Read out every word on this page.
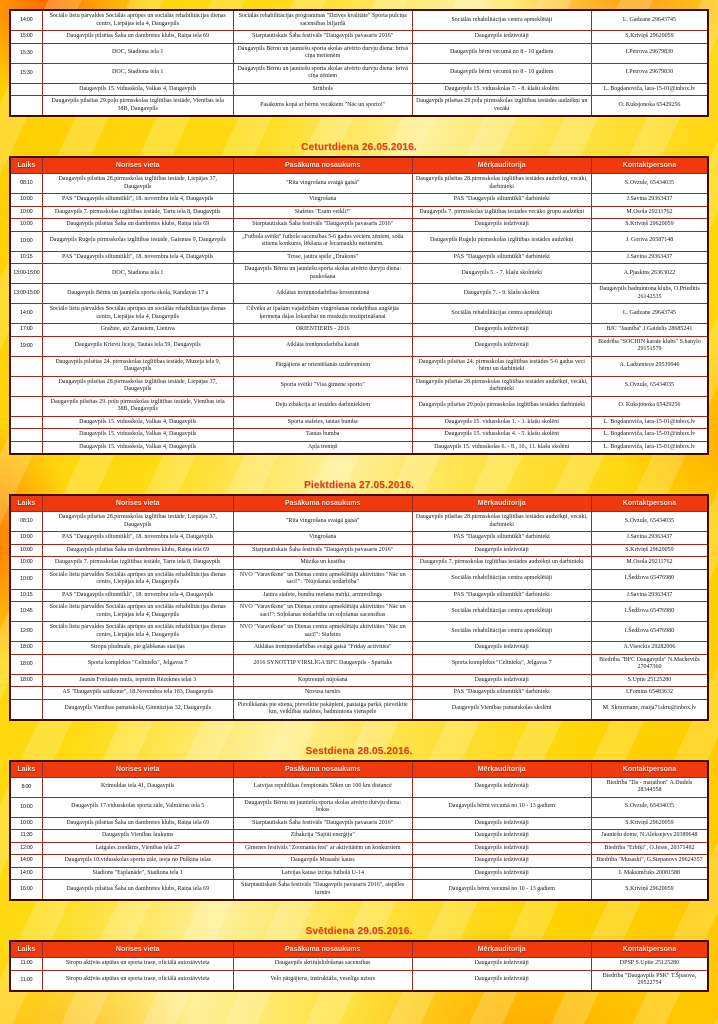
14:00	Sociālo lietu pārvaldes Sociālās aprūpes un sociālās rehabilitācijas dienas centrs, Liepājas iela 4, Daugavpils	Sociālās rehabilitācijas programmas "Dzīves kvalitāte" Sporta pulciņa sacensības biljardā	Sociālās rehabilitācijas centra apmeklētāji	L. Gadzane 29643745
15:00	Daugavpils pilsētas Šaha un dambretes klubs, Raiņa iela 69	Starptautiskais Šaha festivāls "Daugavpils pavasaris 2016"	Daugavpils iedzīvotāji	S.Kriviņš 29620059
15:30	DOC, Stadiona iela 1	Daugavpils Bērnu un jauniešu sporta skolas atvērto durvju diena: brīvā cīņa meitenēm	Daugavpils bērni vecumā no 8 - 10 gadiem	I.Petrova 29679830
15:30	DOC, Stadiona iela 1	Daugavpils Bērnu un jauniešu sporta skolas atvērto durvju diena: brīvā cīņa zēniem	Daugavpils bērni vecumā no 8 - 10 gadiem	I.Petrova 29679830
	Daugavpils 15. vidusskola, Valkas 4, Daugavpils	Strītbols	Daugavpils 15. vidusskolas 7. - 8. klašu skolēni	L. Bogdanoviča, lara-15-01@inbox.lv
	Daugavpils pilsētas 29.poļu pirmsskolas izglītības iestāde, Vienības iela 38B, Daugavpils	Pasākums kopā ar bērnu vecākiem "Nāc un sporto!"	Daugavpils pilsētas 29.poļu pirmsskolas izglītības iestādes audzēkņi un vecāki	O. Kuksjonoka 65429256
Ceturtdiena 26.05.2016.
Laiks	Norises vieta	Pasākuma nosaukums	Mērķauditorija	Kontaktpersona
08:10	Daugavpils pilsētas 28.pirmsskolas izglītības iestāde, Liepājas 37, Daugavpils	"Rīta vingrošana svaigā gaisā"	Daugavpils pilsētas 28.pirmsskolas izglītības iestādes audzēkņi, vecāki, darbinieki	S.Ovzule, 65434035
10:00	PAS "Daugavpils siltumtīkli", 18. novembra iela 4, Daugavpils	Vingrošana	PAS "Daugavpils siltumtīkli" darbinieki	J.Savina 29363437
10:00	Daugavpils 7. pirmsskolas izglītības iestāde, Tartu iela 8, Daugavpils	Stafetes "Esam veikli!"	Daugavpils 7. pirmsskolas izglītības iestādes vecāko grupu audzēkņi	M.Osola 29211762
10:00	Daugavpils pilsētas Šaha un dambretes klubs, Raiņa iela 69	Starptautiskais Šaha festivāls "Daugavpils pavasaris 2016"	Daugavpils iedzīvotāji	S.Kriviņš 29620059
10:00	Daugavpils Ruģeļu pirmsskolas izglītības iestāde, Gaismas 9, Daugavpils	„Futbola svētki" futbola sacensības 5-6 gadus veciem zēniem, soda sitienu konkurss, lēkšana ar lecamauklu meitenēm.	Daugavpils Ruģeļu pirmsskolas izglītības iestādes audzēkņi	J. Goriva 26587148
10:15	PAS "Daugavpils siltumtīkli", 18. novembra iela 4, Daugavpils	Trose, jautra spēle „Drakons"	PAS "Daugavpils siltumtīkli" darbinieki	J.Savina 29363437
13:00-15:00	DOC, Stadiona iela 1	Daugavpils Bērnu un jauniešu sporta skolas atvērto durvju diena: paukošana	Daugavpils 5. - 7. klašu skolnieki	A.Pjaskins 26363022
13:00-15:00	Daugavpils Bērnu un jauniešu sporta skola, Kandavas 17 a	Atklātas treniņnodarbības krosmintonā	Daugavpils 7. - 9. klašu skolēni	Daugavpils badmintona klubs, O.Priedītis 26142535
14:00	Sociālo lietu pārvaldes Sociālās aprūpes un sociālās rehabilitācijas dienas centrs, Liepājas iela 4, Daugavpils	Cilvēku ar īpašām vajadzībām vingrošanas nodarbības augšējās ķermeņa daļas lokanībai un muskuļu nostiprināšanai	Sociālās rehabilitācijas centra apmeklētāji	L. Gadzane 29643745
17:00	Gražute, aiz Zarasiem, Lietuva	ORIENTIERIS - 2016	Daugavpils iedzīvotāji	BJC "Jaunība" J.Gaidelis 28685241
19:00	Daugavpils Krievu licejs, Tautas iela 59, Daugavpils	Atklāta treniņnodarbība karatē	Daugavpils iedzīvotāji	Biedrība "SOCHIN karate klubs" S.hanylo 29151579
	Daugavpils pilsētas 24. pirmsskolas izglītības iestāde, Muzeja iela 9, Daugavpils	Pārgājiens ar orientēšanās uzdevumiem	Daugavpils pilsētas 24. pirmsskolas izglītības iestādes 5-6 gadus veci bērni un darbinieki	A. Ladzeniece 29539946
	Daugavpils pilsētas 28.pirmsskolas izglītības iestāde, Liepājas 37, Daugavpils	Sporta svētki "Visa ģimene sporto"	Daugavpils pilsētas 28.pirmsskolas izglītības iestādes audzēkņi, vecāki, darbinieki	S.Ovzule, 65434035
	Daugavpils pilsētas 29. poļu pirmsskolas izglītības iestāde, Vienības iela 38B, Daugavpils	Deju zibakcija ar iestādes darbiniekiem	Daugavpils pilsētas 29.poļu pirmsskolas izglītības iestādes darbinieki	O. Kuksjonoka 65429256
	Daugavpils 15. vidusskola, Valkas 4, Daugavpils	Sporta stafetes, tautas bumba	Daugavpils 15. vidusskolas 1. - 3. klašu skolēni	L. Bogdanoviča, lara-15-01@inbox.lv
	Daugavpils 15. vidusskola, Valkas 4, Daugavpils	Tautas bumba	Daugavpils 15. vidusskolas 4. - 5. klašu skolēni	L. Bogdanoviča, lara-15-01@inbox.lv
	Daugavpils 15. vidusskola, Valkas 4, Daugavpils	Apļa treniņš	Daugavpils 15. vidusskolas 6. - 8., 10., 11. klašu skolēni	L. Bogdanoviča, lara-15-01@inbox.lv
Piektdiena 27.05.2016.
Laiks	Norises vieta	Pasākuma nosaukums	Mērķauditorija	Kontaktpersona
08:10	Daugavpils pilsētas 28.pirmsskolas izglītības iestāde, Liepājas 37, Daugavpils	"Rīta vingrošana svaigā gaisā"	Daugavpils pilsētas 28.pirmsskolas izglītības iestādes audzēkņi, vecāki, darbinieki	S.Ovzule, 65434035
10:00	PAS "Daugavpils siltumtīkli", 18. novembra iela 4, Daugavpils	Vingrošana	PAS "Daugavpils siltumtīkli" darbinieki	J.Savina 29363437
10:00	Daugavpils pilsētas Šaha un dambretes klubs, Raiņa iela 69	Starptautiskais Šaha festivāls "Daugavpils pavasaris 2016"	Daugavpils iedzīvotāji	S.Kriviņš 29620059
10:00	Daugavpils 7. pirmsskolas izglītības iestāde, Tartu iela 8, Daugavpils	Mūzika un kustība	Daugavpils 7. pirmsskolas izglītības iestādes audzēkņi un darbinieki	M.Osola 29211762
10:00	Sociālo lietu pārvaldes Sociālās aprūpes un sociālās rehabilitācijas dienas centrs, Liepājas iela 4, Daugavpils	NVO "Varavīksne" un Dienas centra apmeklētāju aktivitātes "Nāc un sacī!": "Nūjošanas nodarbība"	Sociālās rehabilitācijas centra apmeklētāji	I.Šedžova 65476980
10:15	PAS "Daugavpils siltumtīkli", 18. novembra iela 4, Daugavpils	Jautra stafete, bumbu mešana mērķī, armrestlings	PAS "Daugavpils siltumtīkli" darbinieki	J.Savina 29363437
10:45	Sociālo lietu pārvaldes Sociālās aprūpes un sociālās rehabilitācijas dienas centrs, Liepājas iela 4, Daugavpils	NVO "Varavīksne" un Dienas centra apmeklētāju aktivitātes "Nāc un sacī!": Soļošanas nodarbība un soļošanas sacensības	Sociālās rehabilitācijas centra apmeklētāji	I.Šedžova 65476980
12:00	Sociālo lietu pārvaldes Sociālās aprūpes un sociālās rehabilitācijas dienas centrs, Liepājas iela 4, Daugavpils	NVO "Varavīksne" un Dienas centra apmeklētāju aktivitātes "Nāc un sacī!": Stafetes	Sociālās rehabilitācijas centra apmeklētāji	I.Šedžova 65476980
18:00	Stropu pludmale, pie glābšanas stacijas	Atklātas treniņnodarbības svaigā gaisā "Friday activities"	Daugavpils iedzīvotāji	A.Visockis 29282006
18:00	Sporta komplekss "Celtnieks", Jelgavas 7	2016 SYNOTTIP VIRSLĪGA BFC Daugavpils - Spartaks	Sporta komplekss "Celtnieks", Jelgavas 7	Biedrība "BFC Daugavpils" N.Mackevičs 27047360
18:00	Jaunās Forštates mežs, iepretim Rēzeknes ielai 3	Koptreniņš nūjošanā	Daugavpils iedzīvotāji	S.Upīte 25125280
	AS "Daugavpils satiksme", 18.Novembra iela 183, Daugavpils	Novusa turnīrs	PAS "Daugavpils siltumtīkli" darbinieki	I.Fomins 65483632
	Daugavpils Vienības pamatskola, Ģimnāzijas 32, Daugavpils	Pievilkšanās pie stieņa, pieveiktie pakāpieni, pastaiga parkā, pieveiktie km, veiklības stafetes, badmintona vienspēle	Daugavpils Vienības pamatskolas skolēni	M. Skruzmane, maija71skru@inbox.lv
Sestdiena 28.05.2016.
Laiks	Norises vieta	Pasākuma nosaukums	Mērķauditorija	Kontaktpersona
8:00	Krimuldas iela 41, Daugavpils	Latvijas republikas čempionāts 50km un 100 km distancē	Daugavpils iedzīvotāji	Biedrība "Da - marathon" A.Dudels 28344558
10:00	Daugavpils 17.vidusskolas sporta zāle, Valmieras iela 5	Daugavpils Bērnu un jauniešu sporta skolas atvērto durvju diena: bokss	Daugavpils bērni vecumā no 10 - 13 gadiem	S.Ovzule, 65434035
10:00	Daugavpils pilsētas Šaha un dambretes klubs, Raiņa iela 69	Starptautiskais Šaha festivāls "Daugavpils pavasaris 2016"	Daugavpils iedzīvotāji	S.Kriviņš 29620059
11:30	Daugavpils Vienības laukums	Zibakcija "Sajūti enerģiju"	Daugavpils iedzīvotāji	Jauniešu dome, N.Aleksejevs 20389648
12:00	Latgales zoodārzs, Vienības iela 27	Ģimenes festivāls "Zoomania fest" ar aktivitātēm un konkursiem	Daugavpils iedzīvotāji	Biedrība "Erbiķi", O.Jesse, 20371492
14:00	Daugavpils 10.vidusskolas sporta zāle, ieeja no Puškina ielas	Daugavpils Musashi kauss	Daugavpils iedzīvotāji	Biedrība "Musashi", G.Stepanovs 29624357
14:00	Stadions "Esplanāde", Stadiona iela 1	Latvijas kausa izcīņa futbolā U-14	Daugavpils iedzīvotāji	I. Maksimčuks 20081588
16:00	Daugavpils pilsētas Šaha un dambretes klubs, Raiņa iela 69	Starptautiskais Šaha festivāls "Daugavpils pavasaris 2016", atspēles turnīrs	Daugavpils bērni vecumā no 10 - 13 gadiem	S.Kriviņš 29620059
Svētdiena 29.05.2016.
Laiks	Norises vieta	Pasākuma nosaukums	Mērķauditorija	Kontaktpersona
11:00	Stropu aktīvās atpūtas un sporta trase, oficiālā autostāvvieta	Daugavpils skrituļslidošanas sacensības	Daugavpils iedzīvotāji	DPSP S.Upīte 25125280
11:00	Stropu aktīvās atpūtas un sporta trase, oficiālā autostāvvieta	Velo pārgājiens, instruktāža, veselīgs uzturs	Daugavpils iedzīvotāji	Biedrība "Daugavpils PSK" T.Šjusova, 29522754
